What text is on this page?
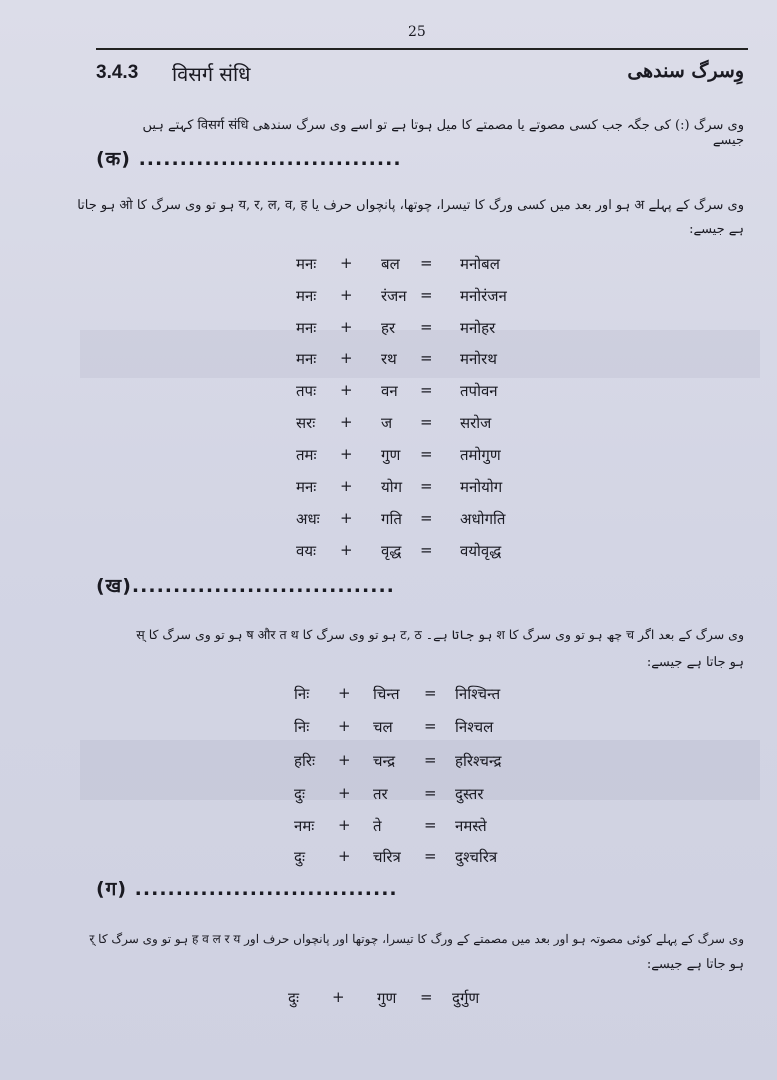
25
3.4.3 विसर्ग संधि	وِسرگ سندھی
وی سرگ (:) کی جگہ جب کسی مصوتے یا مصمتے کا میل ہوتا ہے تو اسے وی سرگ سندھی विसर्ग संधि کہتے ہیں جیسے
(क) ................................
وی سرگ کے پہلے अ ہو اور بعد میں کسی ورگ کا تیسرا، چوتھا، پانچواں حرف یا य, र, ल, व, ह ہو تو وی سرگ کا ओ ہو جاتا
ہے جیسے:
मनः + बल = मनोबल
मनः + रंजन = मनोरंजन
मनः + हर = मनोहर
मनः + रथ = मनोरथ
तपः + वन = तपोवन
सरः + ज = सरोज
तमः + गुण = तमोगुण
मनः + योग = मनोयोग
अधः + गति = अधोगति
वयः + वृद्ध = वयोवृद्ध
(ख)................................
وی سرگ کے بعد اگر च چھ ہو تو وی سرگ کا श ہو جاتا ہے۔ ट, ठ ہو تو وی سرگ کا ष और त थ ہو تو وی سرگ کا स्
ہو جاتا ہے جیسے:
निः + चिन्त = निश्चिन्त
निः + चल = निश्चल
हरिः + चन्द्र = हरिश्चन्द्र
दुः + तर = दुस्तर
नमः + ते	= नमस्ते
दुः + चरित्र = दुश्चरित्र
(ग) ................................
وی سرگ کے پہلے کوئی مصوتہ ہو اور بعد میں مصمتے کے ورگ کا تیسرا، چوتھا اور پانچواں حرف اور ह व ल र य ہو تو وی سرگ کا र्
ہو جاتا ہے جیسے:
दुः + गुण = दुर्गुण
